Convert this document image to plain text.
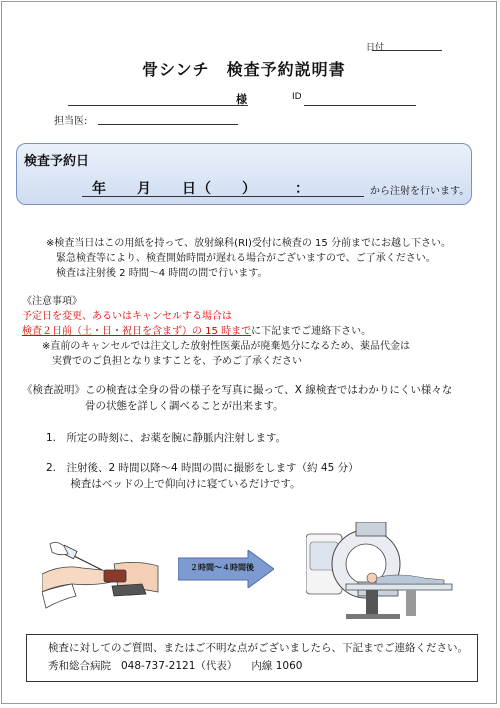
日付
骨シンチ　検査予約説明書
様	ID
担当医:
検査予約日
年　　月　　日（　　）　　　：	から注射を行います。
※検査当日はこの用紙を持って、放射線科(RI)受付に検査の 15 分前までにお越し下さい。
　緊急検査等により、検査開始時間が遅れる場合がございますので、ご了承ください。
　検査は注射後 2 時間～4 時間の間で行います。
《注意事項》
予定日を変更、あるいはキャンセルする場合は
検査２日前（土・日・祝日を含まず）の 15 時までに下記までご連絡下さい。
　　※直前のキャンセルでは注文した放射性医薬品が廃棄処分になるため、薬品代金は
　　　実費でのご負担となりますことを、予めご了承ください
《検査説明》この検査は全身の骨の様子を写真に撮って、X 線検査ではわかりにくい様々な
　　　　　　骨の状態を詳しく調べることが出来ます。
1.　所定の時刻に、お薬を腕に静脈内注射します。
2.　注射後、2 時間以降～4 時間の間に撮影をします（約 45 分）
　　 検査はベッドの上で仰向けに寝ているだけです。
２時間～４時間後
検査に対してのご質問、またはご不明な点がございましたら、下記までご連絡ください。
秀和総合病院 048-737-2121（代表） 内線 1060
